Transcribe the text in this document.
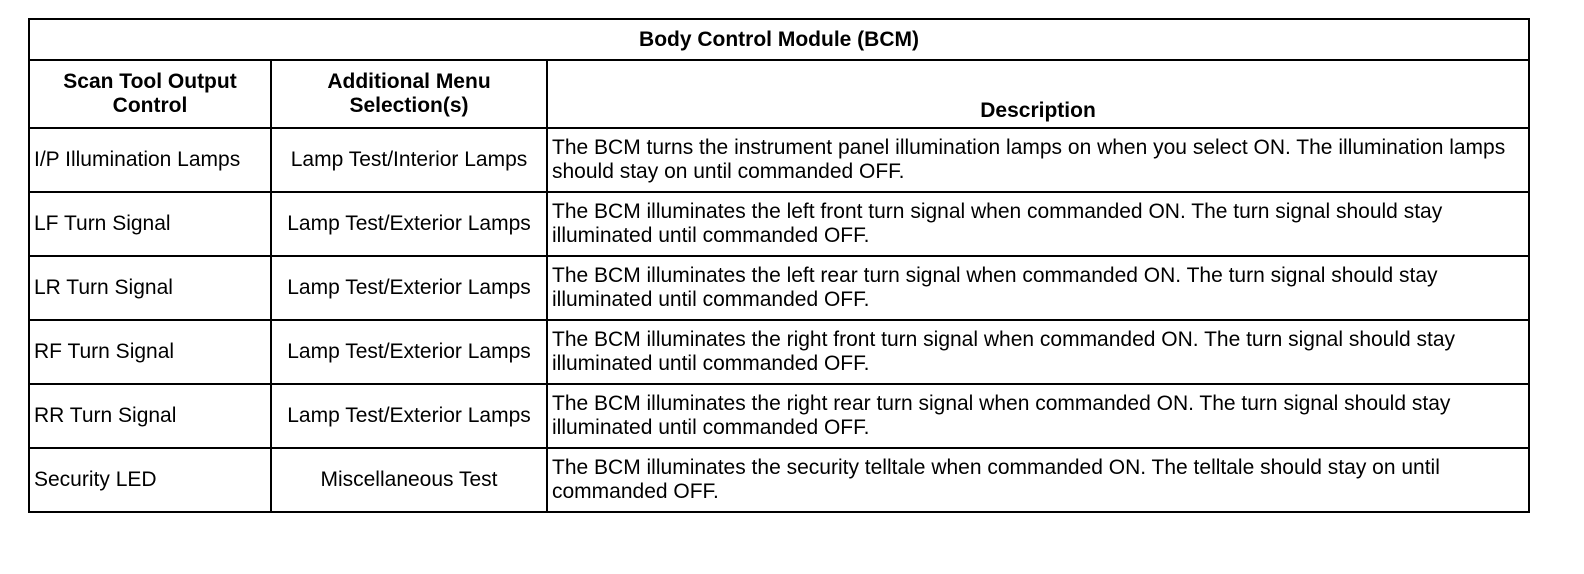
Body Control Module (BCM)		
Scan Tool Output Control	Additional Menu Selection(s)	Description
I/P Illumination Lamps	Lamp Test/Interior Lamps	The BCM turns the instrument panel illumination lamps on when you select ON. The illumination lamps should stay on until commanded OFF.
LF Turn Signal	Lamp Test/Exterior Lamps	The BCM illuminates the left front turn signal when commanded ON. The turn signal should stay illuminated until commanded OFF.
LR Turn Signal	Lamp Test/Exterior Lamps	The BCM illuminates the left rear turn signal when commanded ON. The turn signal should stay illuminated until commanded OFF.
RF Turn Signal	Lamp Test/Exterior Lamps	The BCM illuminates the right front turn signal when commanded ON. The turn signal should stay illuminated until commanded OFF.
RR Turn Signal	Lamp Test/Exterior Lamps	The BCM illuminates the right rear turn signal when commanded ON. The turn signal should stay illuminated until commanded OFF.
Security LED	Miscellaneous Test	The BCM illuminates the security telltale when commanded ON. The telltale should stay on until commanded OFF.
